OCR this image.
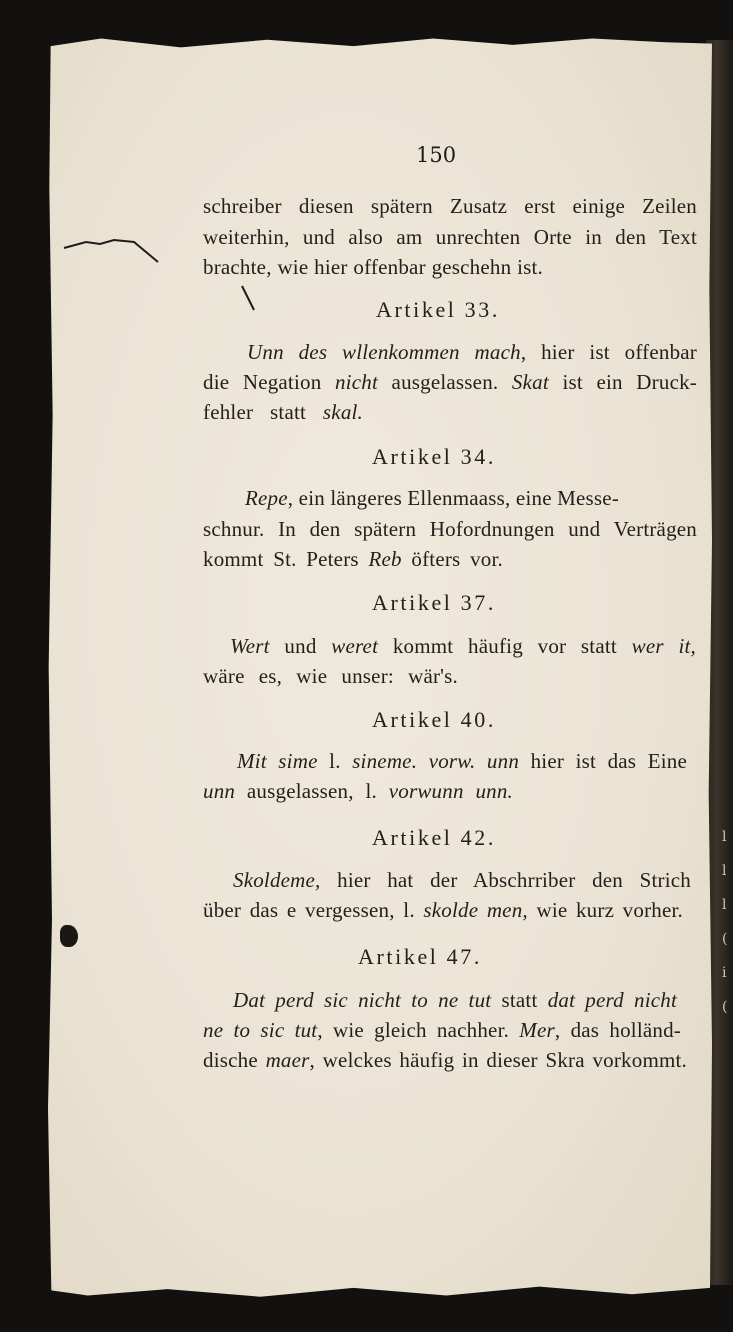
l
l
l
(
i
(
150
schreiber diesen spätern Zusatz erst einige Zeilen
weiterhin, und also am unrechten Orte in den Text
brachte, wie hier offenbar geschehn ist.
Artikel 33.
Unn des wllenkommen mach , hier ist offenbar
die Negation nicht ausgelassen. Skat ist ein Druck-
fehler statt skal.
Artikel 34.
Repe , ein längeres Ellenmaass, eine Messe-
schnur. In den spätern Hofordnungen und Verträgen
kommt St. Peters Reb öfters vor.
Artikel 37.
Wert und weret kommt häufig vor statt wer it,
wäre es, wie unser: wär's.
Artikel 40.
Mit sime l. sineme. vorw. unn hier ist das Eine
unn ausgelassen, l. vorwunn unn.
Artikel 42.
Skoldeme, hier hat der Abschrriber den Strich
über das e vergessen, l. skolde men, wie kurz vorher.
Artikel 47.
Dat perd sic nicht to ne tut statt dat perd nicht
ne to sic tut , wie gleich nachher. Mer , das holländ-
dische maer , welckes häufig in dieser Skra vorkommt.
